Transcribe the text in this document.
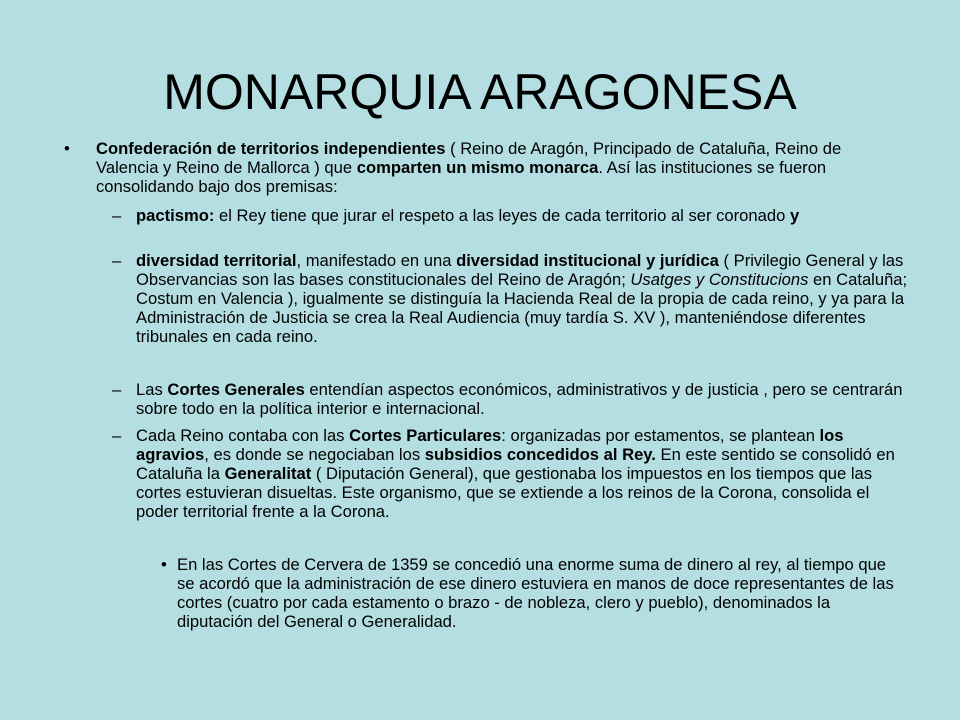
MONARQUIA ARAGONESA
• Confederación de territorios independientes ( Reino de Aragón, Principado de Cataluña, Reino de Valencia y Reino de Mallorca ) que comparten un mismo monarca. Así las instituciones se fueron consolidando bajo dos premisas:
– pactismo: el Rey tiene que jurar el respeto a las leyes de cada territorio al ser coronado y
– diversidad territorial, manifestado en una diversidad institucional y jurídica ( Privilegio General y las Observancias son las bases constitucionales del Reino de Aragón; Usatges y Constitucions en Cataluña; Costum en Valencia ), igualmente se distinguía la Hacienda Real de la propia de cada reino, y ya para la Administración de Justicia se crea la Real Audiencia (muy tardía S. XV ), manteniéndose diferentes tribunales en cada reino.
– Las Cortes Generales entendían aspectos económicos, administrativos y de justicia , pero se centrarán sobre todo en la política interior e internacional.
– Cada Reino contaba con las Cortes Particulares: organizadas por estamentos, se plantean los agravios, es donde se negociaban los subsidios concedidos al Rey. En este sentido se consolidó en Cataluña la Generalitat ( Diputación General), que gestionaba los impuestos en los tiempos que las cortes estuvieran disueltas. Este organismo, que se extiende a los reinos de la Corona, consolida el poder territorial frente a la Corona.
• En las Cortes de Cervera de 1359 se concedió una enorme suma de dinero al rey, al tiempo que se acordó que la administración de ese dinero estuviera en manos de doce representantes de las cortes (cuatro por cada estamento o brazo - de nobleza, clero y pueblo), denominados la diputación del General o Generalidad.
